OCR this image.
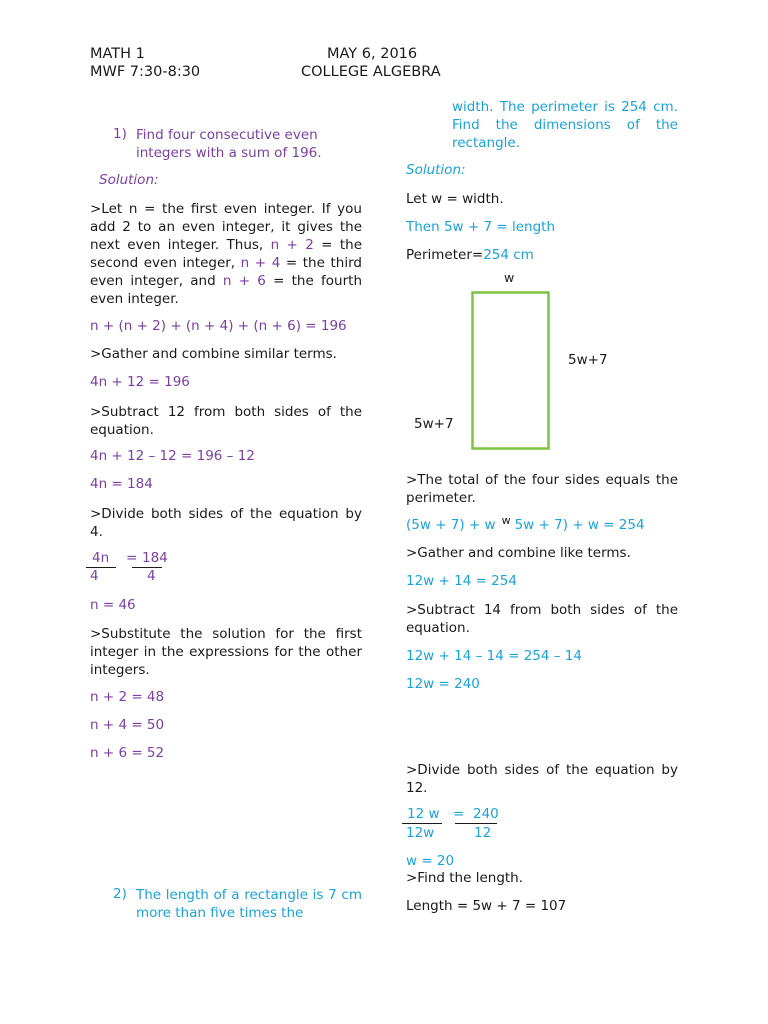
MATH 1
MWF 7:30-8:30
MAY 6, 2016
COLLEGE ALGEBRA
1) Find four consecutive even integers with a sum of 196.
Solution:
>Let n = the first even integer. If you add 2 to an even integer, it gives the next even integer. Thus, n + 2 = the second even integer, n + 4 = the third even integer, and n + 6 = the fourth even integer.
n + (n + 2) + (n + 4) + (n + 6) = 196
>Gather and combine similar terms.
4n + 12 = 196
>Subtract 12 from both sides of the equation.
4n + 12 – 12 = 196 – 12
4n = 184
>Divide both sides of the equation by 4.
4n = 184
4	4
n = 46
>Substitute the solution for the first integer in the expressions for the other integers.
n + 2 = 48
n + 4 = 50
n + 6 = 52
2) The length of a rectangle is 7 cm more than five times the
width. The perimeter is 254 cm. Find the dimensions of the rectangle.
Solution:
Let w = width.
Then 5w + 7 = length
Perimeter=254 cm
w
5w+7
5w+7
>The total of the four sides equals the perimeter.
(5w + 7) + w $^w$ 5w + 7) + w = 254
>Gather and combine like terms.
12w + 14 = 254
>Subtract 14 from both sides of the equation.
12w + 14 – 14 = 254 – 14
12w = 240
>Divide both sides of the equation by 12.
12 w = 240
12w	12
w = 20
>Find the length.
Length = 5w + 7 = 107
